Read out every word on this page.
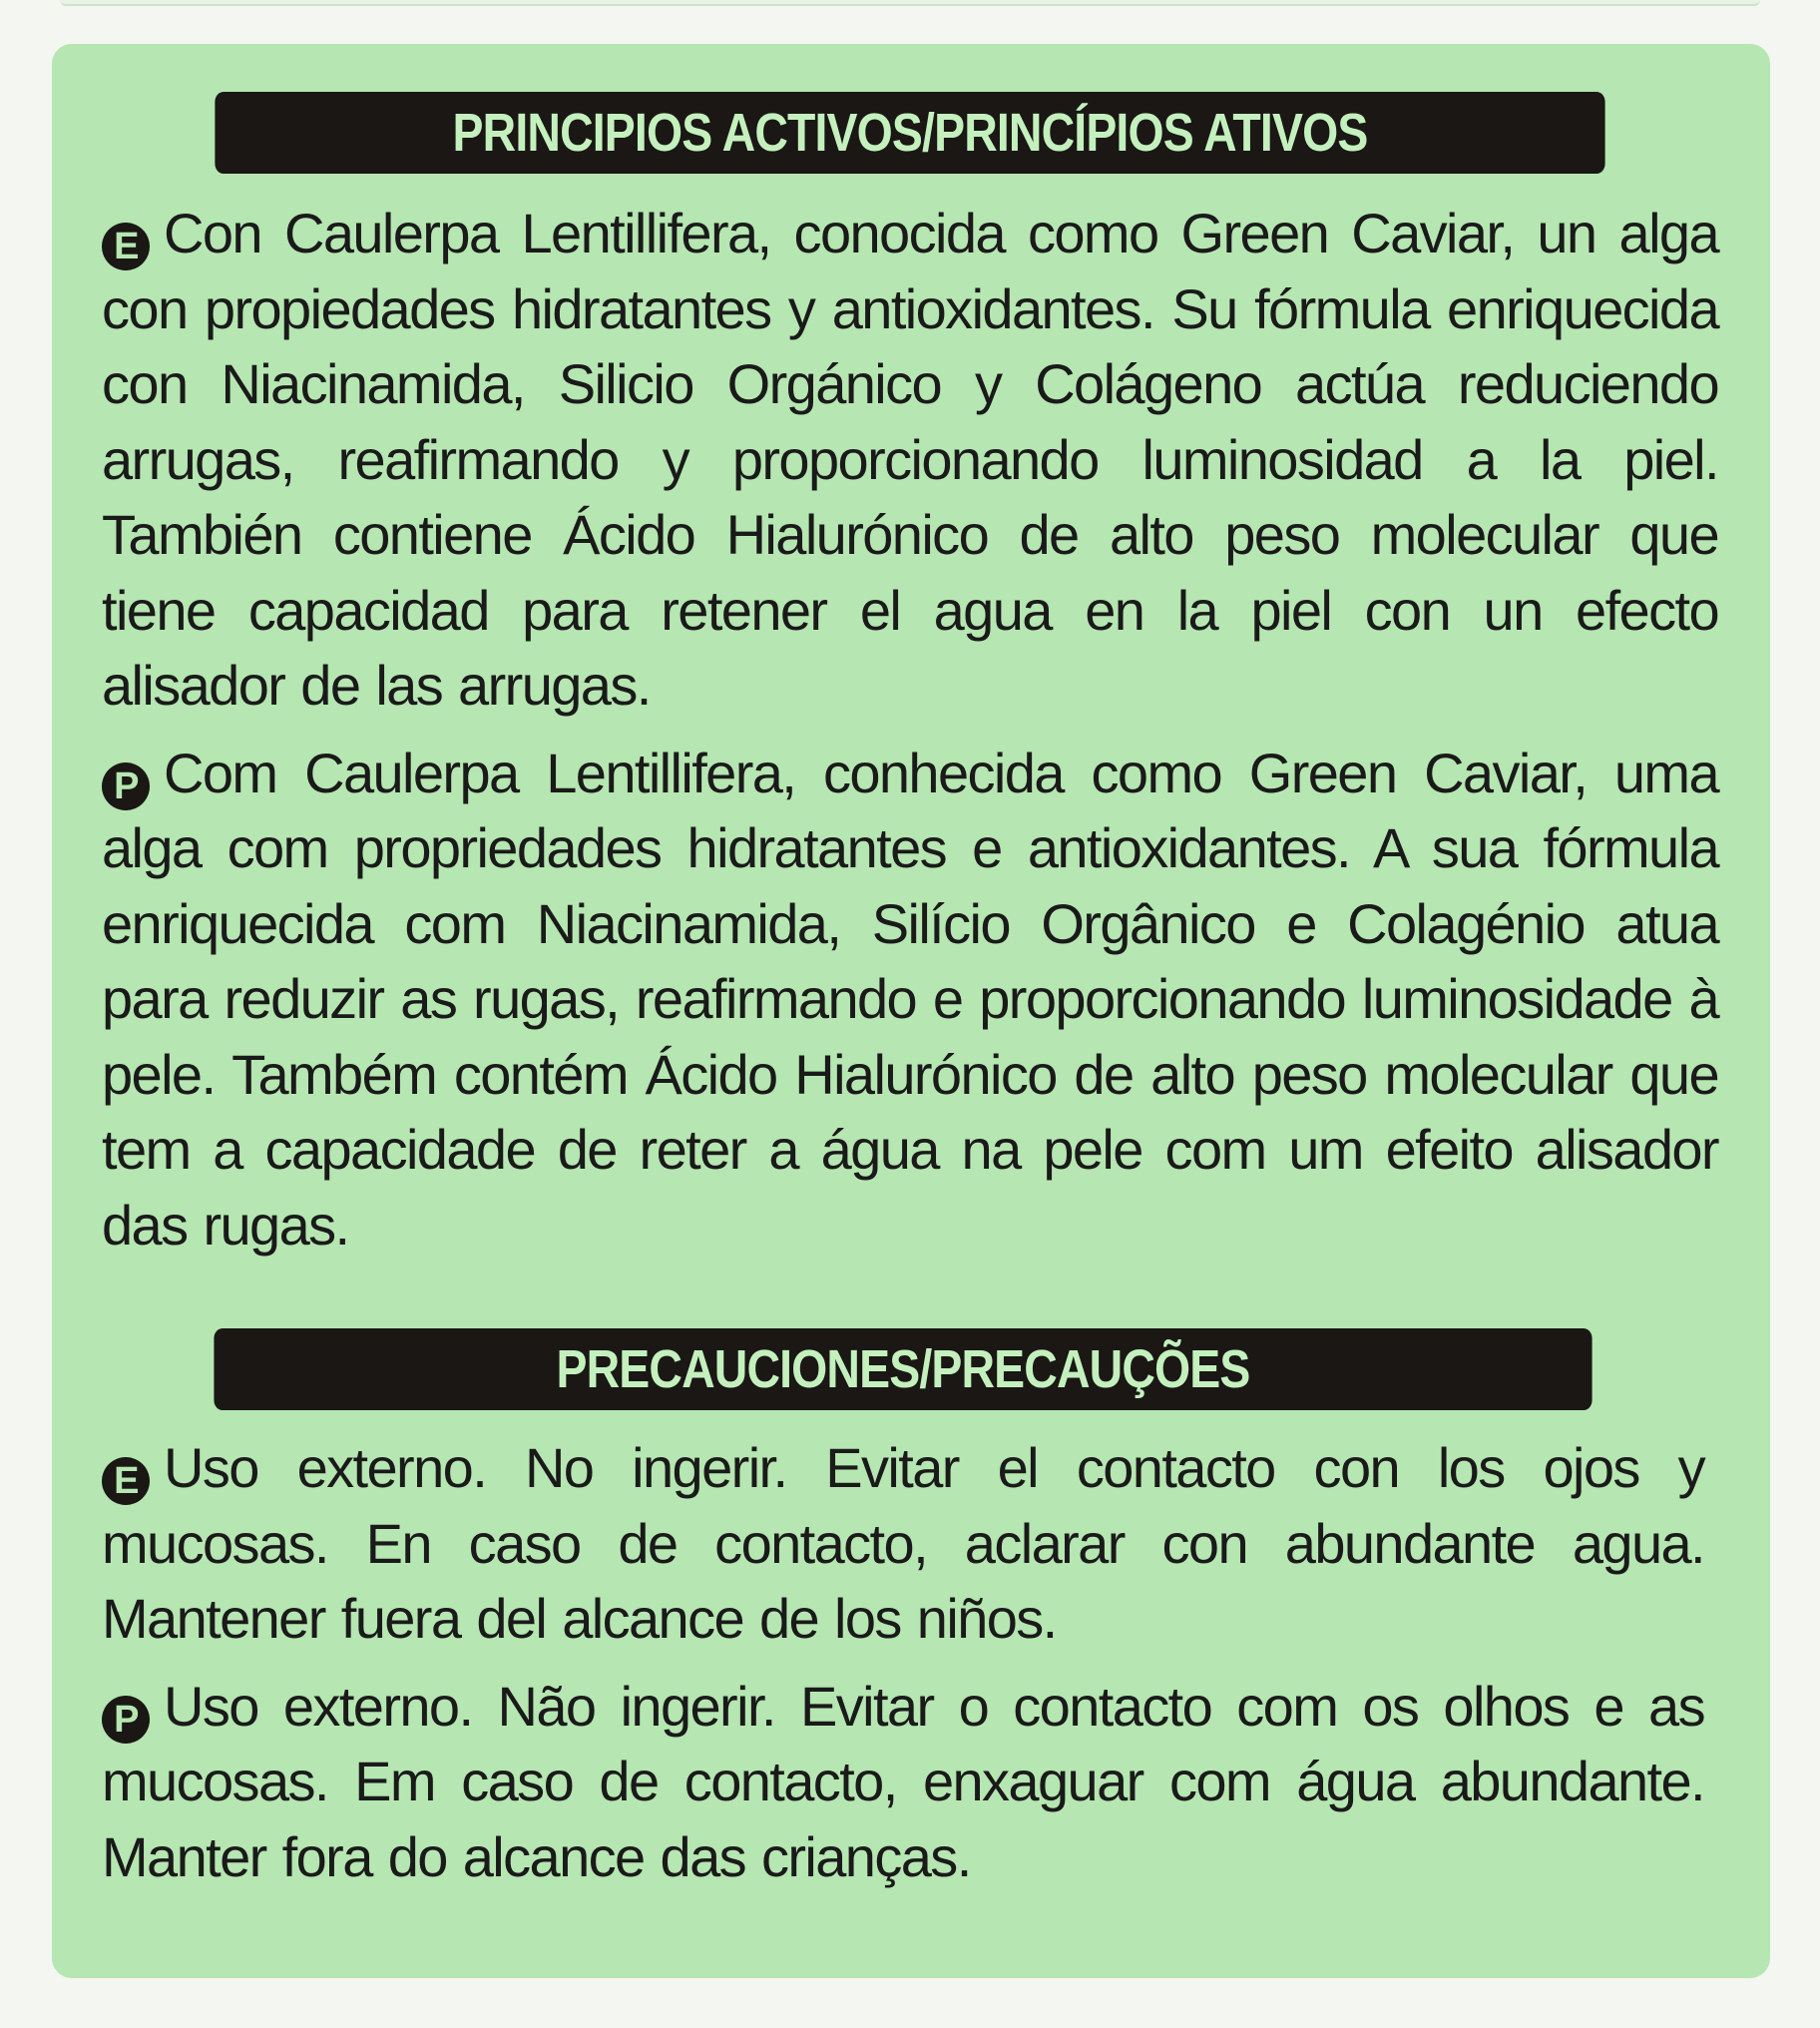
PRINCIPIOS ACTIVOS/PRINCÍPIOS ATIVOS
E Con Caulerpa Lentillifera, conocida como Green Caviar, un alga con propiedades hidratantes y antioxidantes. Su fórmula enriquecida con Niacinamida, Silicio Orgánico y Colágeno actúa reduciendo arrugas, reafirmando y proporcionando luminosidad a la piel. También contiene Ácido Hialurónico de alto peso molecular que tiene capacidad para retener el agua en la piel con un efecto alisador de las arrugas.
P Com Caulerpa Lentillifera, conhecida como Green Caviar, uma alga com propriedades hidratantes e antioxidantes. A sua fórmula enriquecida com Niacinamida, Silício Orgânico e Colagénio atua para reduzir as rugas, reafirmando e proporcionando luminosidade à pele. Também contém Ácido Hialurónico de alto peso molecular que tem a capacidade de reter a água na pele com um efeito alisador das rugas.
PRECAUCIONES/PRECAUÇÕES
E Uso externo. No ingerir. Evitar el contacto con los ojos y mucosas. En caso de contacto, aclarar con abundante agua. Mantener fuera del alcance de los niños.
P Uso externo. Não ingerir. Evitar o contacto com os olhos e as mucosas. Em caso de contacto, enxaguar com água abundante. Manter fora do alcance das crianças.
